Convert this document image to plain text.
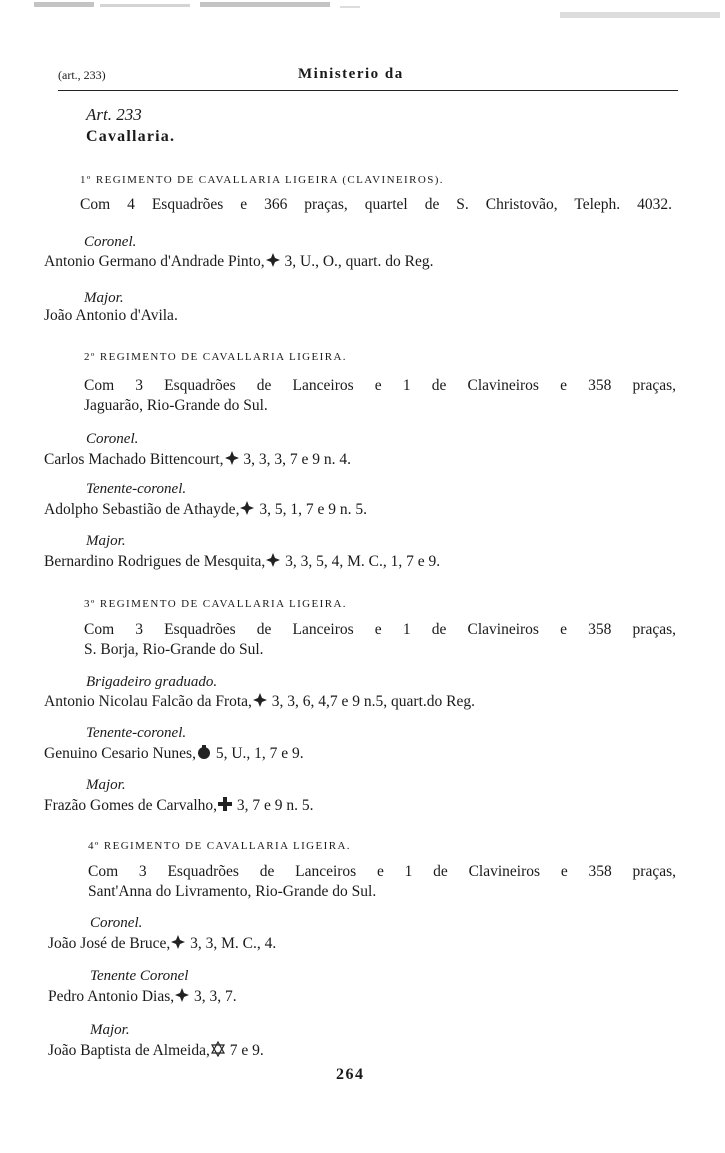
(art., 233)	Ministerio da
Art. 233
Cavallaria.
1º REGIMENTO DE CAVALLARIA LIGEIRA (CLAVINEIROS).
Com 4 Esquadrões e 366 praças, quartel de S. Christovão, Teleph. 4032.
Coronel.
Antonio Germano d'Andrade Pinto,
3, U., O., quart. do Reg.
Major.
João Antonio d'Avila.
2º REGIMENTO DE CAVALLARIA LIGEIRA.
Com 3 Esquadrões de Lanceiros e 1 de Clavineiros e 358 praças,
Jaguarão, Rio-Grande do Sul.
Coronel.
Carlos Machado Bittencourt,
3, 3, 3, 7 e 9 n. 4.
Tenente-coronel.
Adolpho Sebastião de Athayde,
3, 5, 1, 7 e 9 n. 5.
Major.
Bernardino Rodrigues de Mesquita,
3, 3, 5, 4, M. C., 1, 7 e 9.
3º REGIMENTO DE CAVALLARIA LIGEIRA.
Com 3 Esquadrões de Lanceiros e 1 de Clavineiros e 358 praças,
S. Borja, Rio-Grande do Sul.
Brigadeiro graduado.
Antonio Nicolau Falcão da Frota,
3, 3, 6, 4,7 e 9 n.5, quart.do Reg.
Tenente-coronel.
Genuino Cesario Nunes,
5, U., 1, 7 e 9.
Major.
Frazão Gomes de Carvalho,
3, 7 e 9 n. 5.
4º REGIMENTO DE CAVALLARIA LIGEIRA.
Com 3 Esquadrões de Lanceiros e 1 de Clavineiros e 358 praças,
Sant'Anna do Livramento, Rio-Grande do Sul.
Coronel.
João José de Bruce,
3, 3, M. C., 4.
Tenente Coronel
Pedro Antonio Dias,
3, 3, 7.
Major.
João Baptista de Almeida,
7 e 9.
264
